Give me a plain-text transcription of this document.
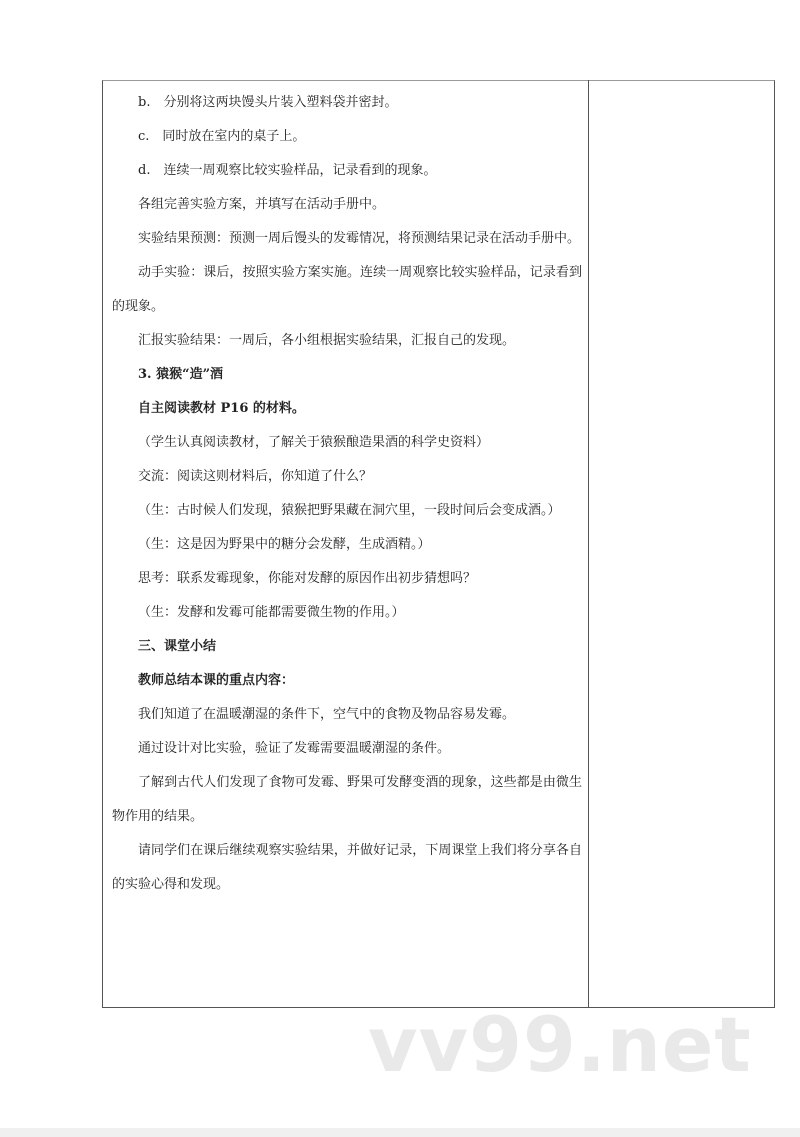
b.　分别将这两块馒头片装入塑料袋并密封。

c.　同时放在室内的桌子上。

d.　连续一周观察比较实验样品，记录看到的现象。

各组完善实验方案，并填写在活动手册中。

实验结果预测：预测一周后馒头的发霉情况，将预测结果记录在活动手册中。

动手实验：课后，按照实验方案实施。连续一周观察比较实验样品，记录看到的现象。

汇报实验结果：一周后，各小组根据实验结果，汇报自己的发现。

3. 猿猴“造”酒

自主阅读教材 P16 的材料。

（学生认真阅读教材，了解关于猿猴酿造果酒的科学史资料）

交流：阅读这则材料后，你知道了什么？

（生：古时候人们发现，猿猴把野果藏在洞穴里，一段时间后会变成酒。）

（生：这是因为野果中的糖分会发酵，生成酒精。）

思考：联系发霉现象，你能对发酵的原因作出初步猜想吗？

（生：发酵和发霉可能都需要微生物的作用。）

三、课堂小结

教师总结本课的重点内容：

我们知道了在温暖潮湿的条件下，空气中的食物及物品容易发霉。

通过设计对比实验，验证了发霉需要温暖潮湿的条件。

了解到古代人们发现了食物可发霉、野果可发酵变酒的现象，这些都是由微生物作用的结果。

请同学们在课后继续观察实验结果，并做好记录，下周课堂上我们将分享各自的实验心得和发现。

vv99.net
